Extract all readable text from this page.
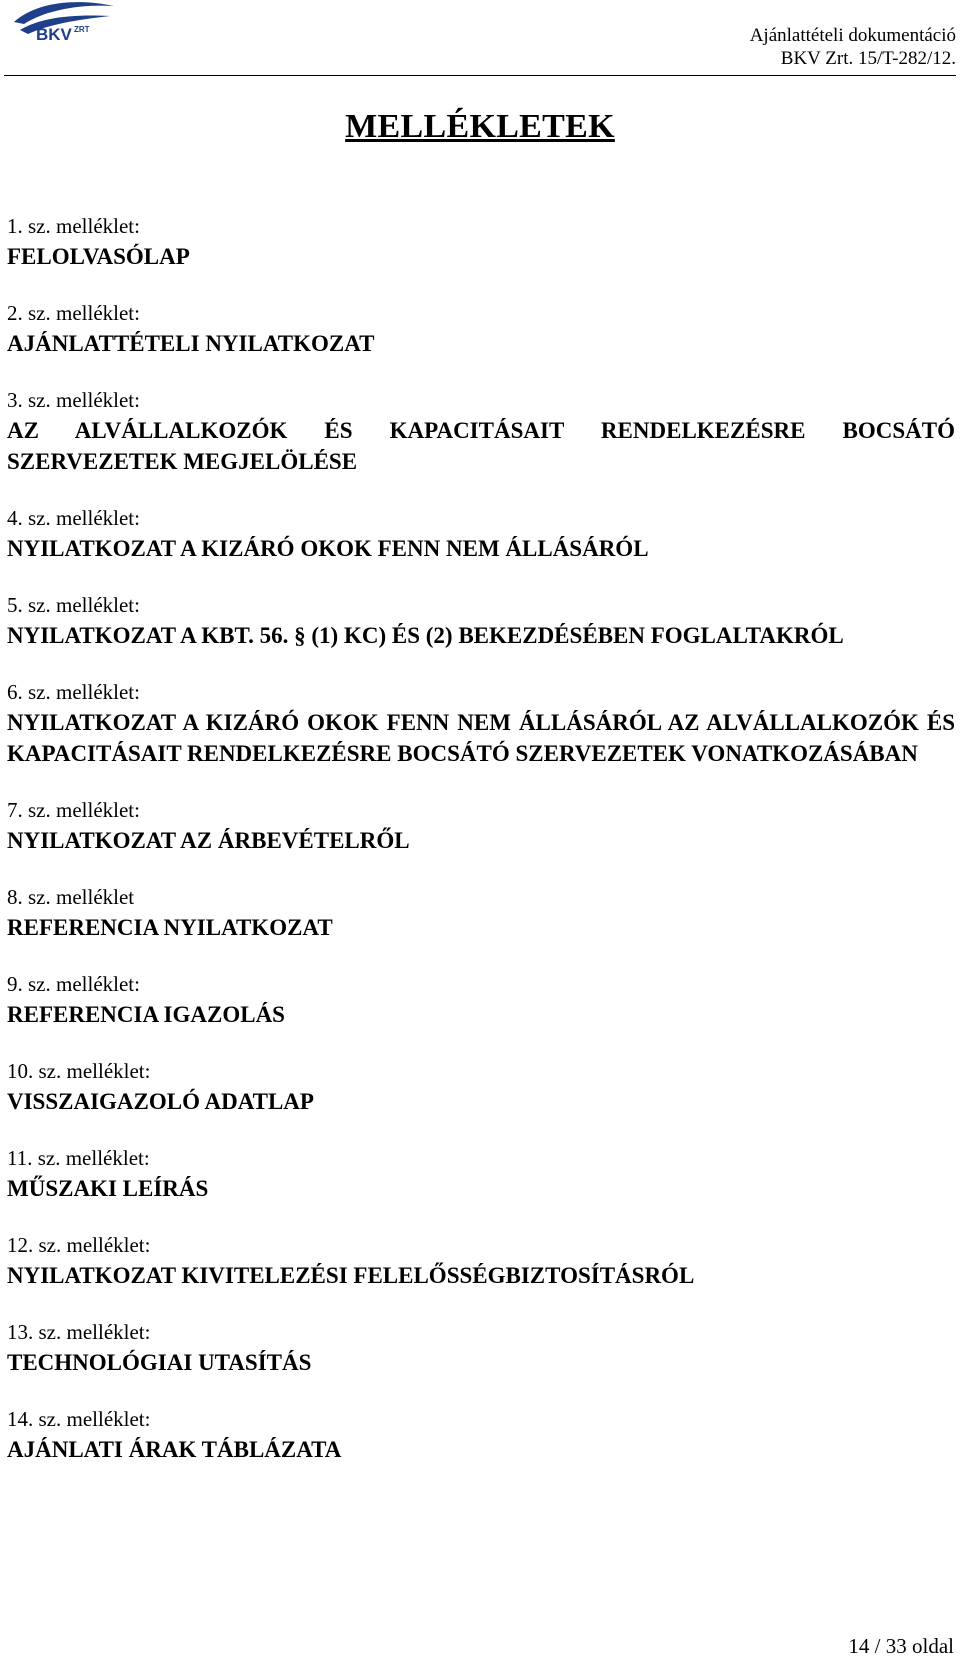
BKV ZRT	Ajánlattételi dokumentáció
BKV Zrt. 15/T-282/12.
MELLÉKLETEK
1. sz. melléklet:
FELOLVASÓLAP
2. sz. melléklet:
AJÁNLATTÉTELI NYILATKOZAT
3. sz. melléklet:
AZ ALVÁLLALKOZÓK ÉS KAPACITÁSAIT RENDELKEZÉSRE BOCSÁTÓ SZERVEZETEK MEGJELÖLÉSE
4. sz. melléklet:
NYILATKOZAT A KIZÁRÓ OKOK FENN NEM ÁLLÁSÁRÓL
5. sz. melléklet:
NYILATKOZAT A KBT. 56. § (1) KC) ÉS (2) BEKEZDÉSÉBEN FOGLALTAKRÓL
6. sz. melléklet:
NYILATKOZAT A KIZÁRÓ OKOK FENN NEM ÁLLÁSÁRÓL AZ ALVÁLLALKOZÓK ÉS KAPACITÁSAIT RENDELKEZÉSRE BOCSÁTÓ SZERVEZETEK VONATKOZÁSÁBAN
7. sz. melléklet:
NYILATKOZAT AZ ÁRBEVÉTELRŐL
8. sz. melléklet
REFERENCIA NYILATKOZAT
9. sz. melléklet:
REFERENCIA IGAZOLÁS
10. sz. melléklet:
VISSZAIGAZOLÓ ADATLAP
11. sz. melléklet:
MŰSZAKI LEÍRÁS
12. sz. melléklet:
NYILATKOZAT KIVITELEZÉSI FELELŐSSÉGBIZTOSÍTÁSRÓL
13. sz. melléklet:
TECHNOLÓGIAI UTASÍTÁS
14. sz. melléklet:
AJÁNLATI ÁRAK TÁBLÁZATA
14 / 33 oldal
